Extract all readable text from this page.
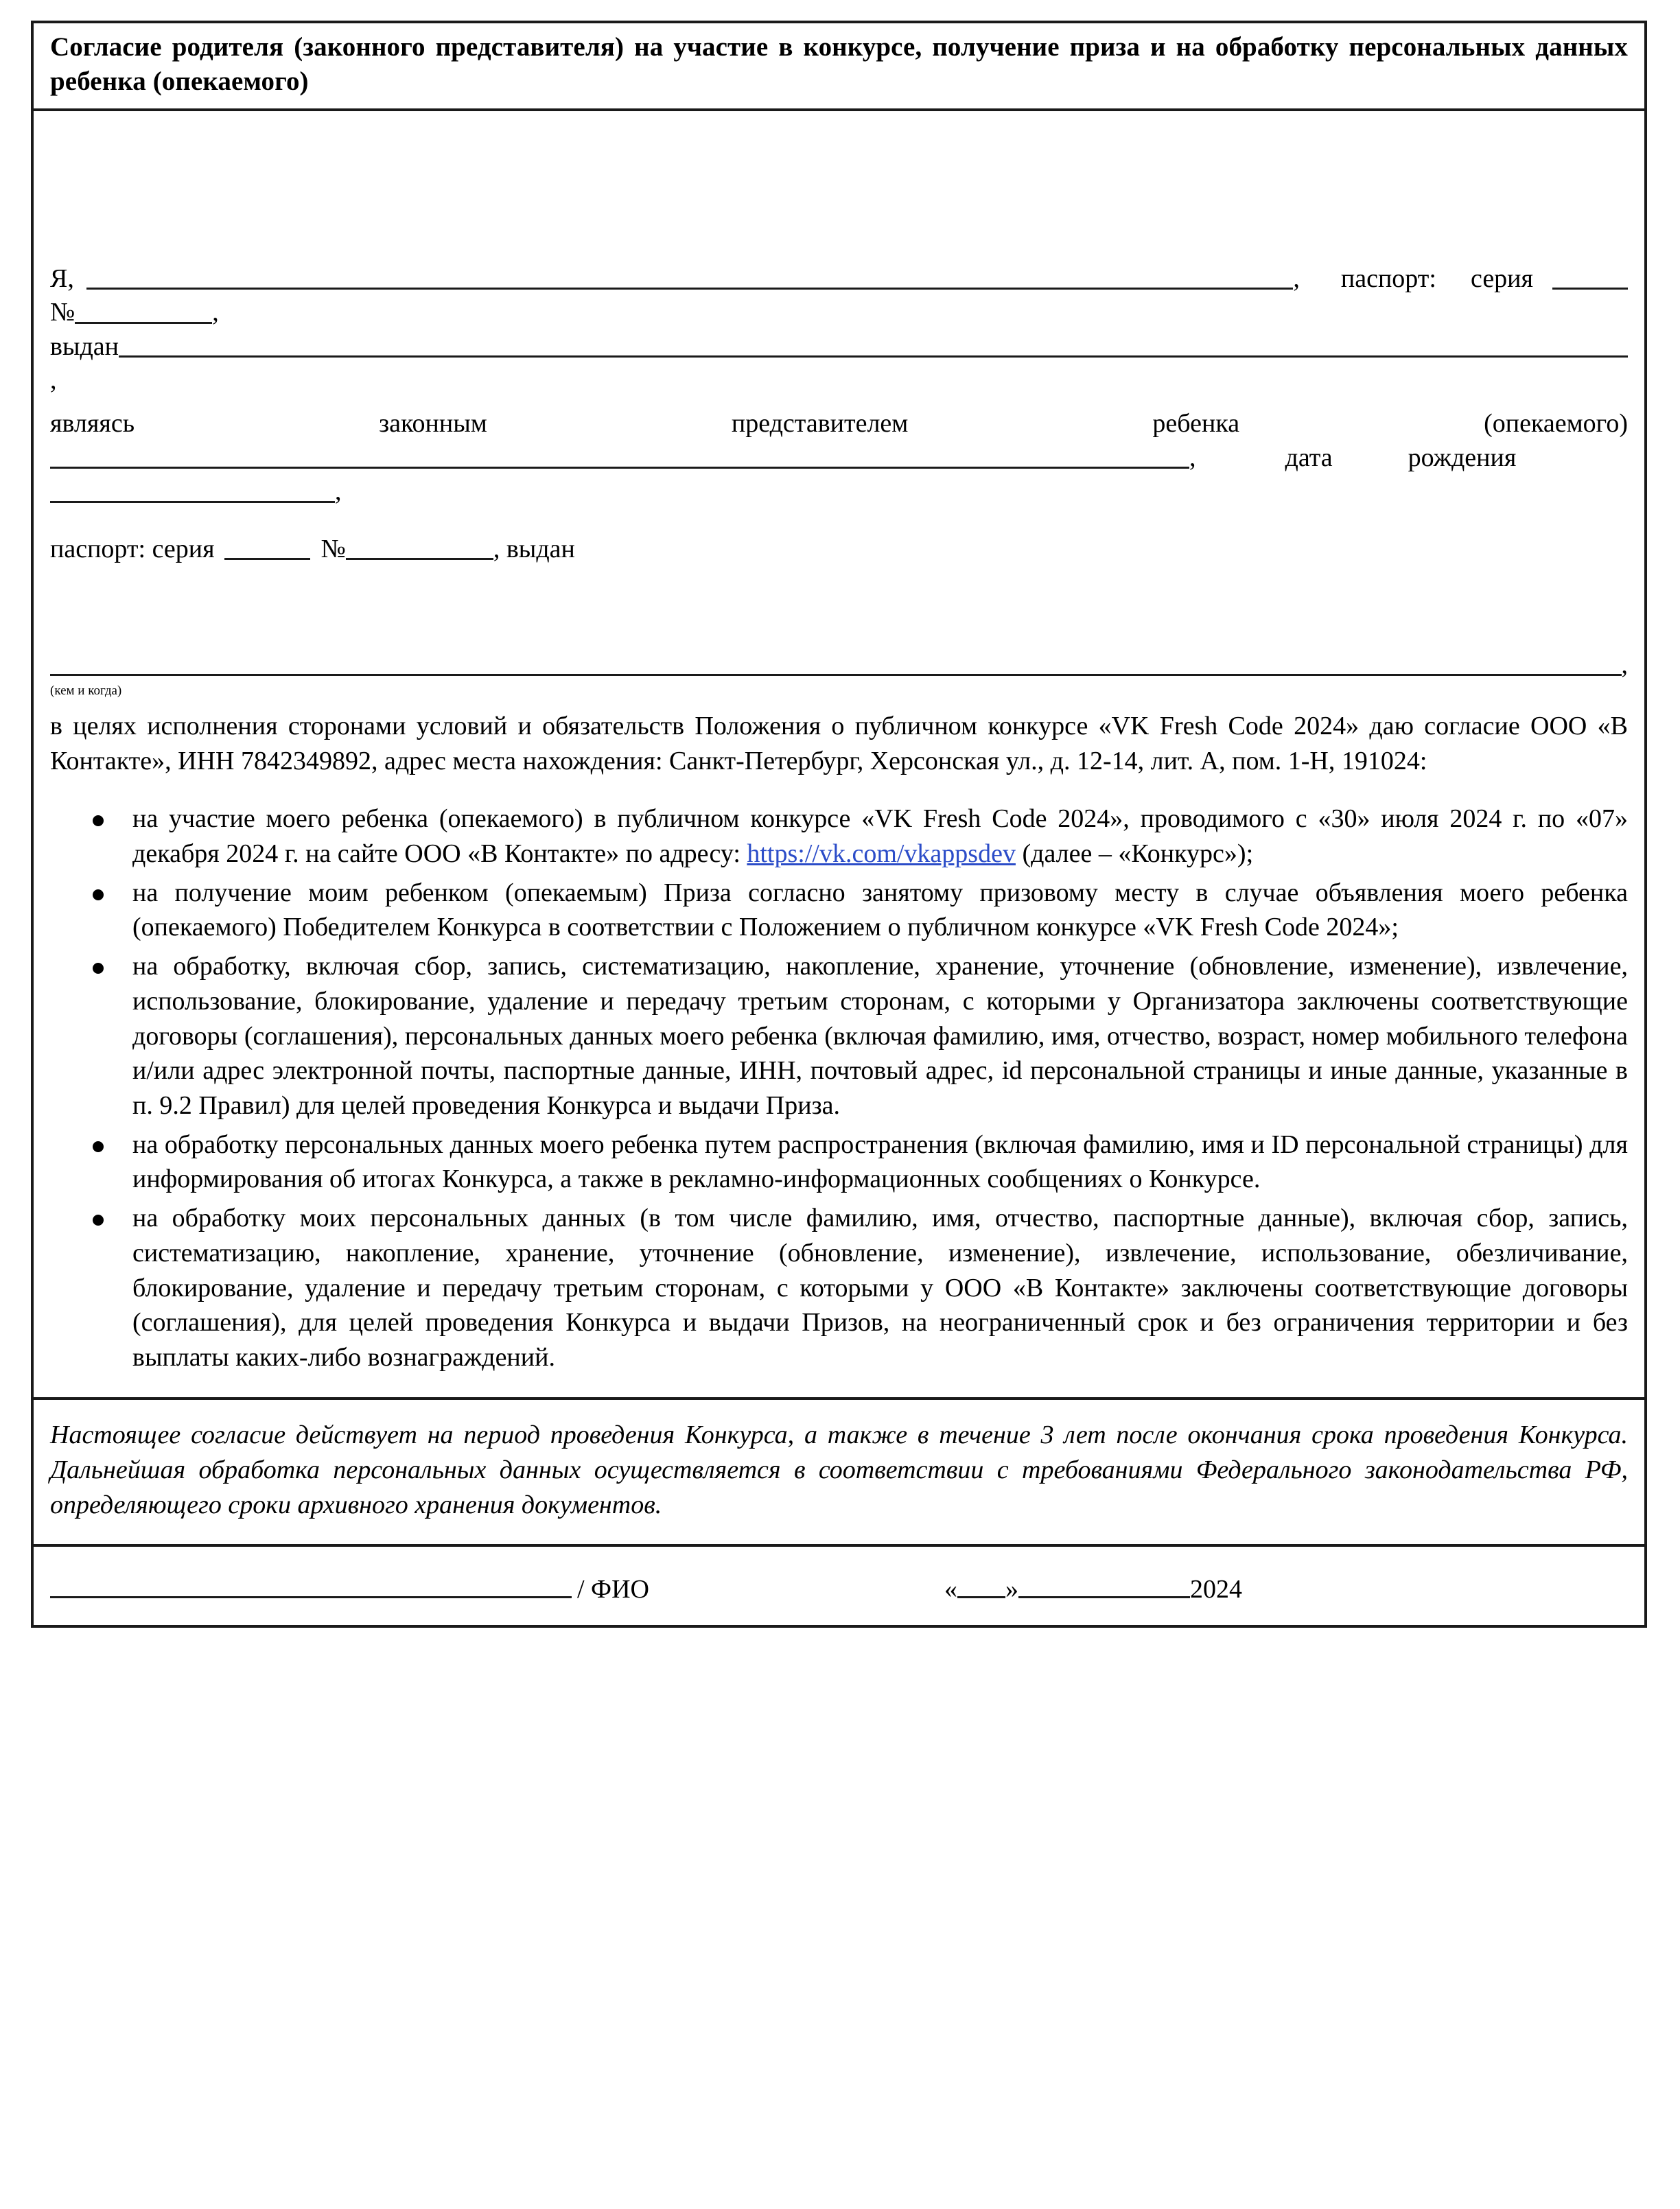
Согласие родителя (законного представителя) на участие в конкурсе, получение приза и на обработку персональных данных ребенка (опекаемого)
Я,	, паспорт: серия
№	,
выдан
,
являясь	законным	представителем	ребенка	(опекаемого)
,	дата	рождения
,
паспорт: серия	№	, выдан
,
(кем и когда)

в целях исполнения сторонами условий и обязательств Положения о публичном конкурсе «VK Fresh Code 2024» даю согласие ООО «В Контакте», ИНН 7842349892, адрес места нахождения: Санкт-Петербург, Херсонская ул., д. 12-14, лит. А, пом. 1-Н, 191024:

на участие моего ребенка (опекаемого) в публичном конкурсе «VK Fresh Code 2024», проводимого с «30» июля 2024 г. по «07» декабря 2024 г. на сайте ООО «В Контакте» по адресу: https://vk.com/vkappsdev (далее – «Конкурс»);
на получение моим ребенком (опекаемым) Приза согласно занятому призовому месту в случае объявления моего ребенка (опекаемого) Победителем Конкурса в соответствии с Положением о публичном конкурсе «VK Fresh Code 2024»;
на обработку, включая сбор, запись, систематизацию, накопление, хранение, уточнение (обновление, изменение), извлечение, использование, блокирование, удаление и передачу третьим сторонам, с которыми у Организатора заключены соответствующие договоры (соглашения), персональных данных моего ребенка (включая фамилию, имя, отчество, возраст, номер мобильного телефона и/или адрес электронной почты, паспортные данные, ИНН, почтовый адрес, id персональной страницы и иные данные, указанные в п. 9.2 Правил) для целей проведения Конкурса и выдачи Приза.
на обработку персональных данных моего ребенка путем распространения (включая фамилию, имя и ID персональной страницы) для информирования об итогах Конкурса, а также в рекламно-информационных сообщениях о Конкурсе.
на обработку моих персональных данных (в том числе фамилию, имя, отчество, паспортные данные), включая сбор, запись, систематизацию, накопление, хранение, уточнение (обновление, изменение), извлечение, использование, обезличивание, блокирование, удаление и передачу третьим сторонам, с которыми у ООО «В Контакте» заключены соответствующие договоры (соглашения), для целей проведения Конкурса и выдачи Призов, на неограниченный срок и без ограничения территории и без выплаты каких-либо вознаграждений.
Настоящее согласие действует на период проведения Конкурса, а также в течение 3 лет после окончания срока проведения Конкурса. Дальнейшая обработка персональных данных осуществляется в соответствии с требованиями Федерального законодательства РФ, определяющего сроки архивного хранения документов.
/ ФИО	« »	2024
